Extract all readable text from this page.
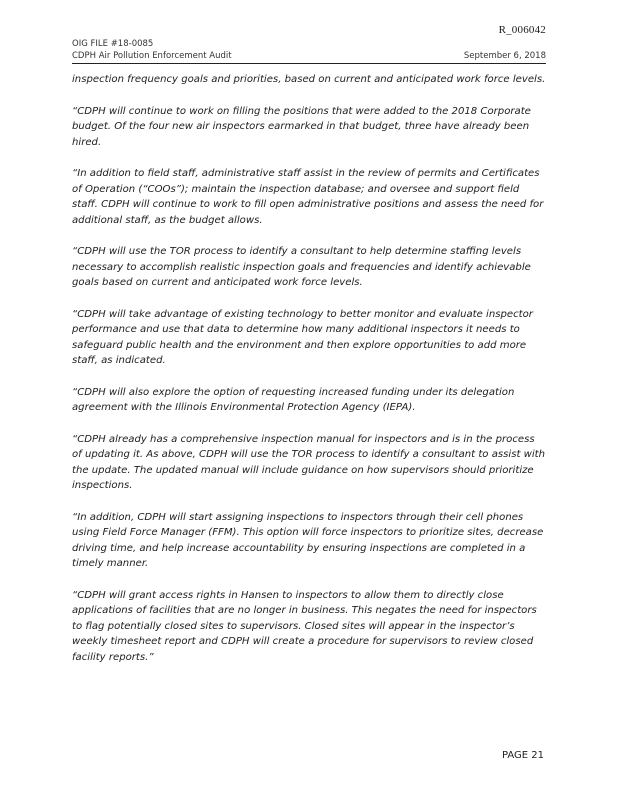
R_006042
OIG FILE #18-0085
CDPH Air Pollution Enforcement Audit	September 6, 2018

inspection frequency goals and priorities, based on current and anticipated work force levels.

“CDPH will continue to work on filling the positions that were added to the 2018 Corporate budget. Of the four new air inspectors earmarked in that budget, three have already been hired.

“In addition to field staff, administrative staff assist in the review of permits and Certificates of Operation (“COOs”); maintain the inspection database; and oversee and support field staff. CDPH will continue to work to fill open administrative positions and assess the need for additional staff, as the budget allows.

“CDPH will use the TOR process to identify a consultant to help determine staffing levels necessary to accomplish realistic inspection goals and frequencies and identify achievable goals based on current and anticipated work force levels.

“CDPH will take advantage of existing technology to better monitor and evaluate inspector performance and use that data to determine how many additional inspectors it needs to safeguard public health and the environment and then explore opportunities to add more staff, as indicated.

“CDPH will also explore the option of requesting increased funding under its delegation agreement with the Illinois Environmental Protection Agency (IEPA).

“CDPH already has a comprehensive inspection manual for inspectors and is in the process of updating it. As above, CDPH will use the TOR process to identify a consultant to assist with the update. The updated manual will include guidance on how supervisors should prioritize inspections.

“In addition, CDPH will start assigning inspections to inspectors through their cell phones using Field Force Manager (FFM). This option will force inspectors to prioritize sites, decrease driving time, and help increase accountability by ensuring inspections are completed in a timely manner.

“CDPH will grant access rights in Hansen to inspectors to allow them to directly close applications of facilities that are no longer in business. This negates the need for inspectors to flag potentially closed sites to supervisors. Closed sites will appear in the inspector’s weekly timesheet report and CDPH will create a procedure for supervisors to review closed facility reports.”

PAGE 21
